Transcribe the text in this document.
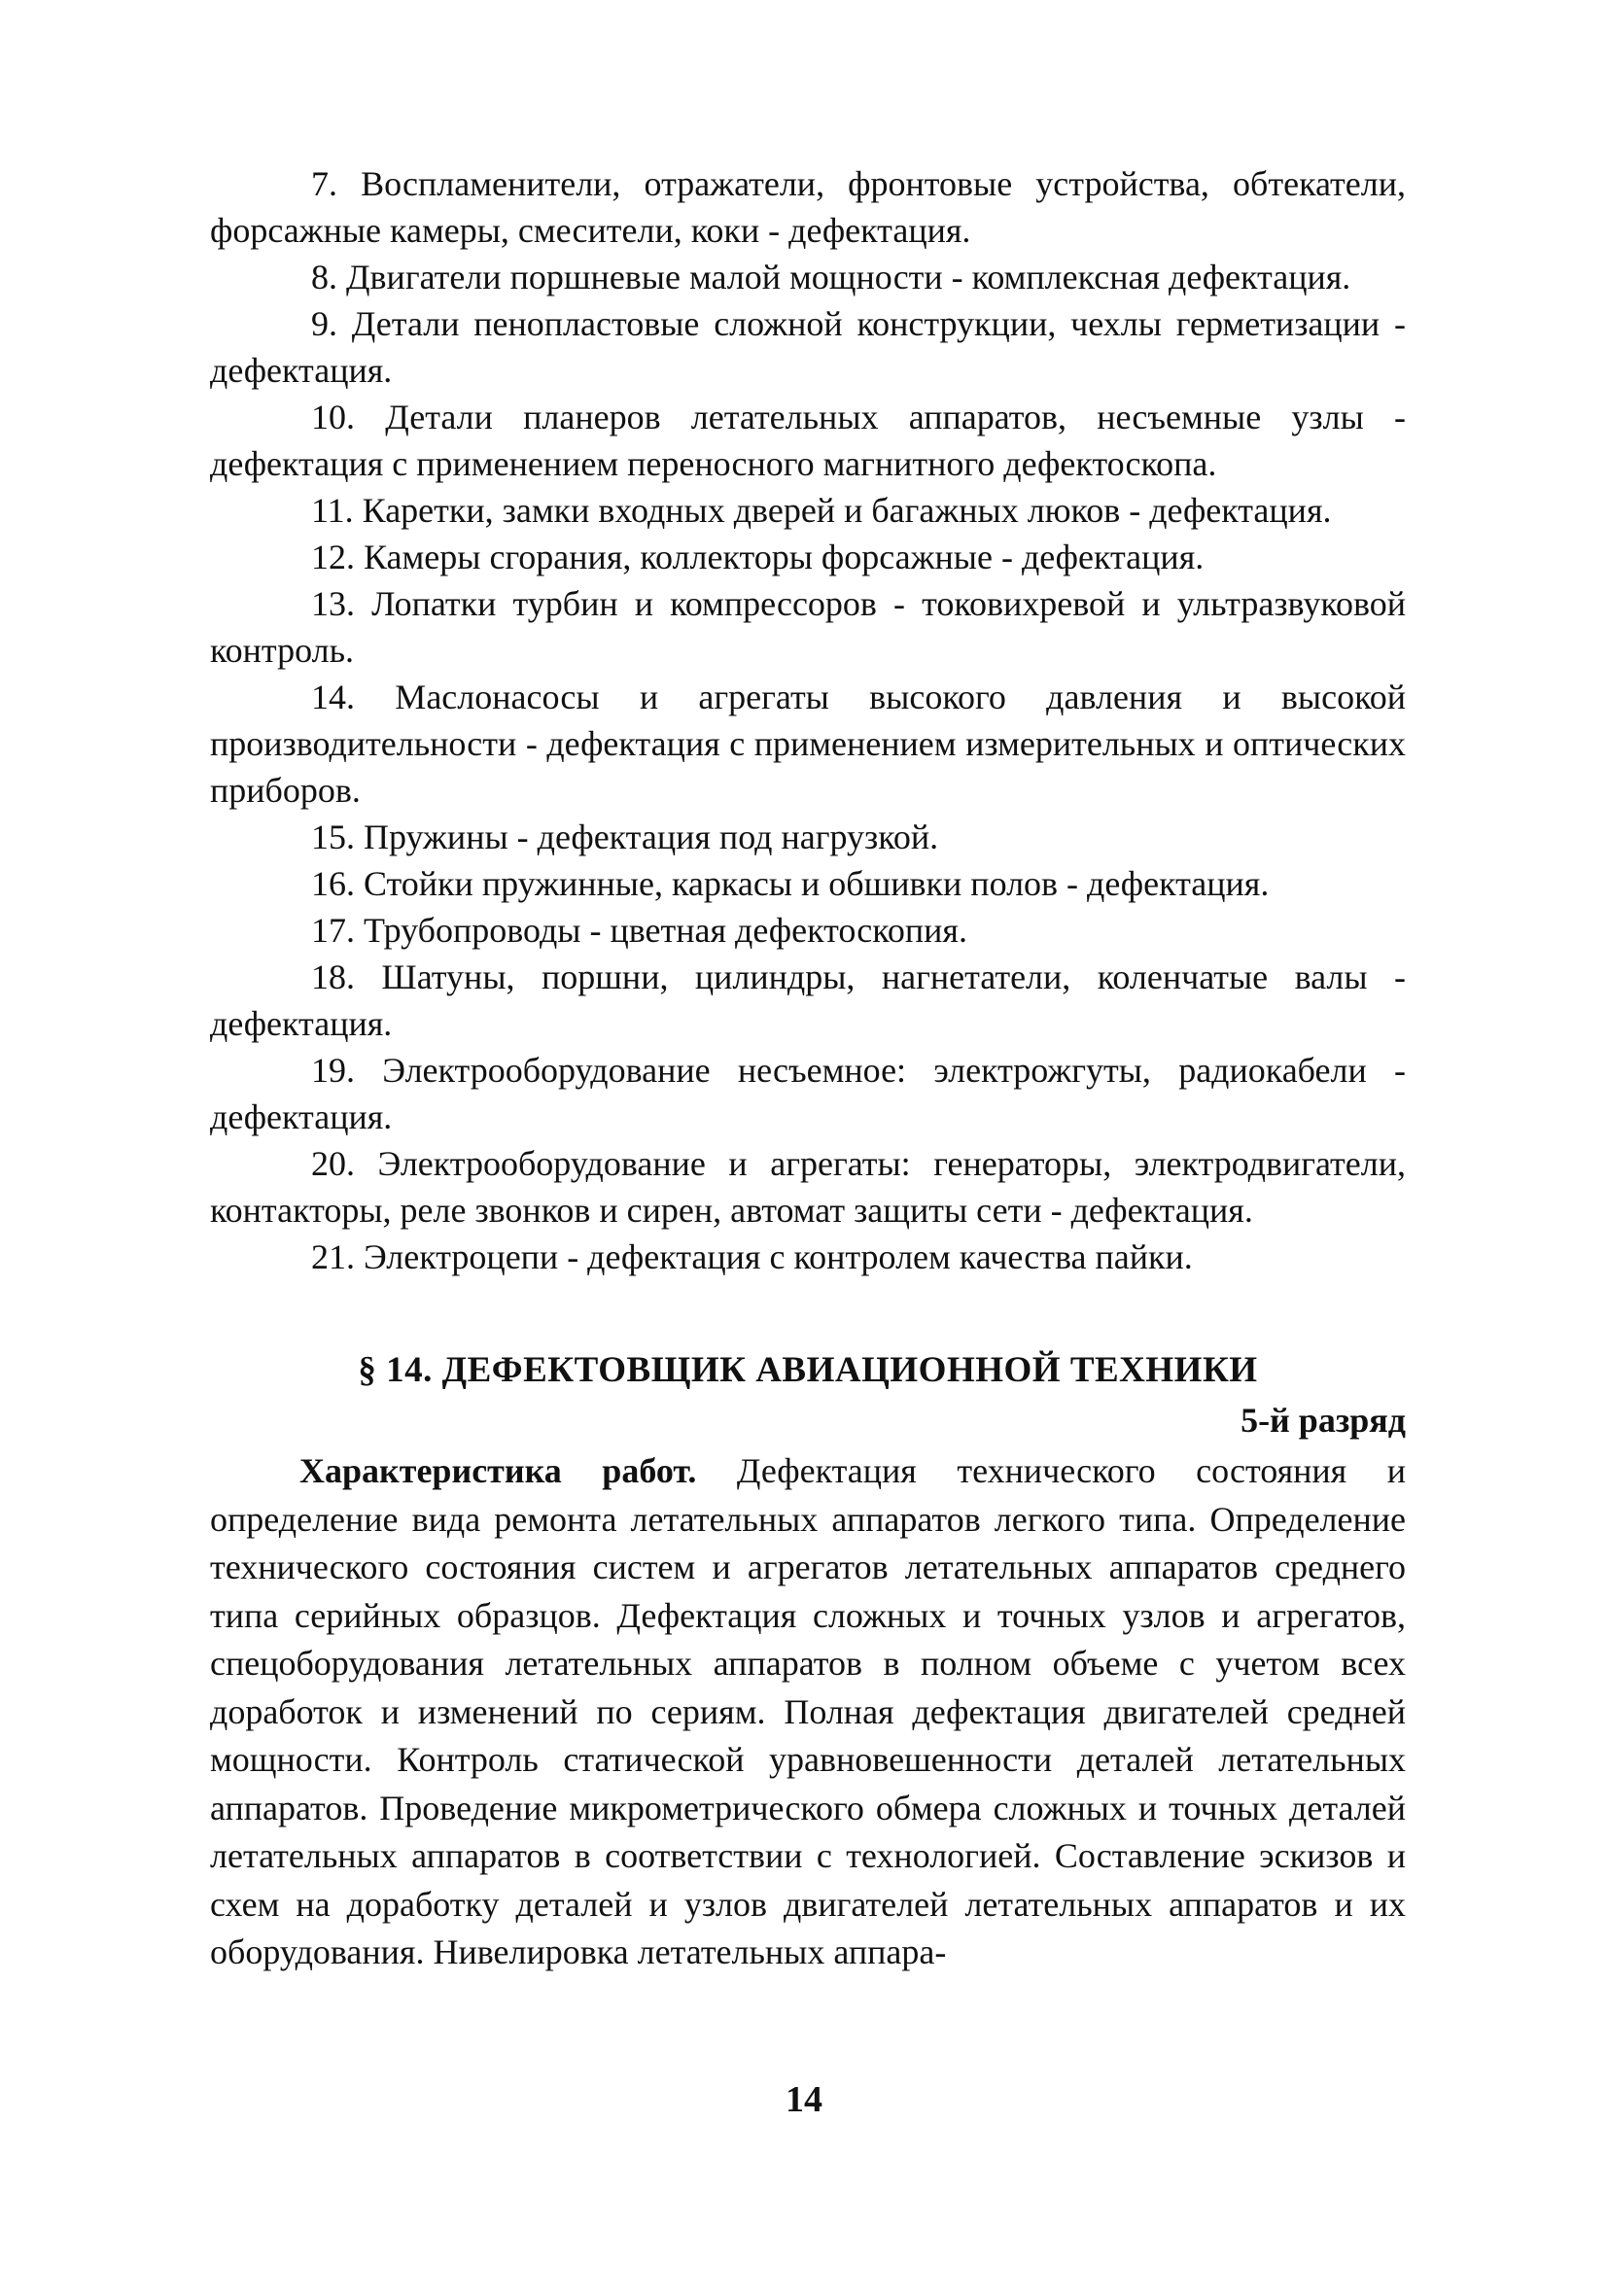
7. Воспламенители, отражатели, фронтовые устройства, обтекатели, форсажные камеры, смесители, коки - дефектация.

8. Двигатели поршневые малой мощности - комплексная дефектация.

9. Детали пенопластовые сложной конструкции, чехлы герметизации - дефектация.

10. Детали планеров летательных аппаратов, несъемные узлы - дефектация с применением переносного магнитного дефектоскопа.

11. Каретки, замки входных дверей и багажных люков - дефектация.

12. Камеры сгорания, коллекторы форсажные - дефектация.

13. Лопатки турбин и компрессоров - токовихревой и ультразвуковой контроль.

14. Маслонасосы и агрегаты высокого давления и высокой производительности - дефектация с применением измерительных и оптических приборов.

15. Пружины - дефектация под нагрузкой.

16. Стойки пружинные, каркасы и обшивки полов - дефектация.

17. Трубопроводы - цветная дефектоскопия.

18. Шатуны, поршни, цилиндры, нагнетатели, коленчатые валы - дефектация.

19. Электрооборудование несъемное: электрожгуты, радиокабели - дефектация.

20. Электрооборудование и агрегаты: генераторы, электродвигатели, контакторы, реле звонков и сирен, автомат защиты сети - дефектация.

21. Электроцепи - дефектация с контролем качества пайки.

§ 14. ДЕФЕКТОВЩИК АВИАЦИОННОЙ ТЕХНИКИ
5-й разряд

Характеристика работ. Дефектация технического состояния и определение вида ремонта летательных аппаратов легкого типа. Определение технического состояния систем и агрегатов летательных аппаратов среднего типа серийных образцов. Дефектация сложных и точных узлов и агрегатов, спецоборудования летательных аппаратов в полном объеме с учетом всех доработок и изменений по сериям. Полная дефектация двигателей средней мощности. Контроль статической уравновешенности деталей летательных аппаратов. Проведение микрометрического обмера сложных и точных деталей летательных аппаратов в соответствии с технологией. Составление эскизов и схем на доработку деталей и узлов двигателей летательных аппаратов и их оборудования. Нивелировка летательных аппара-

14
